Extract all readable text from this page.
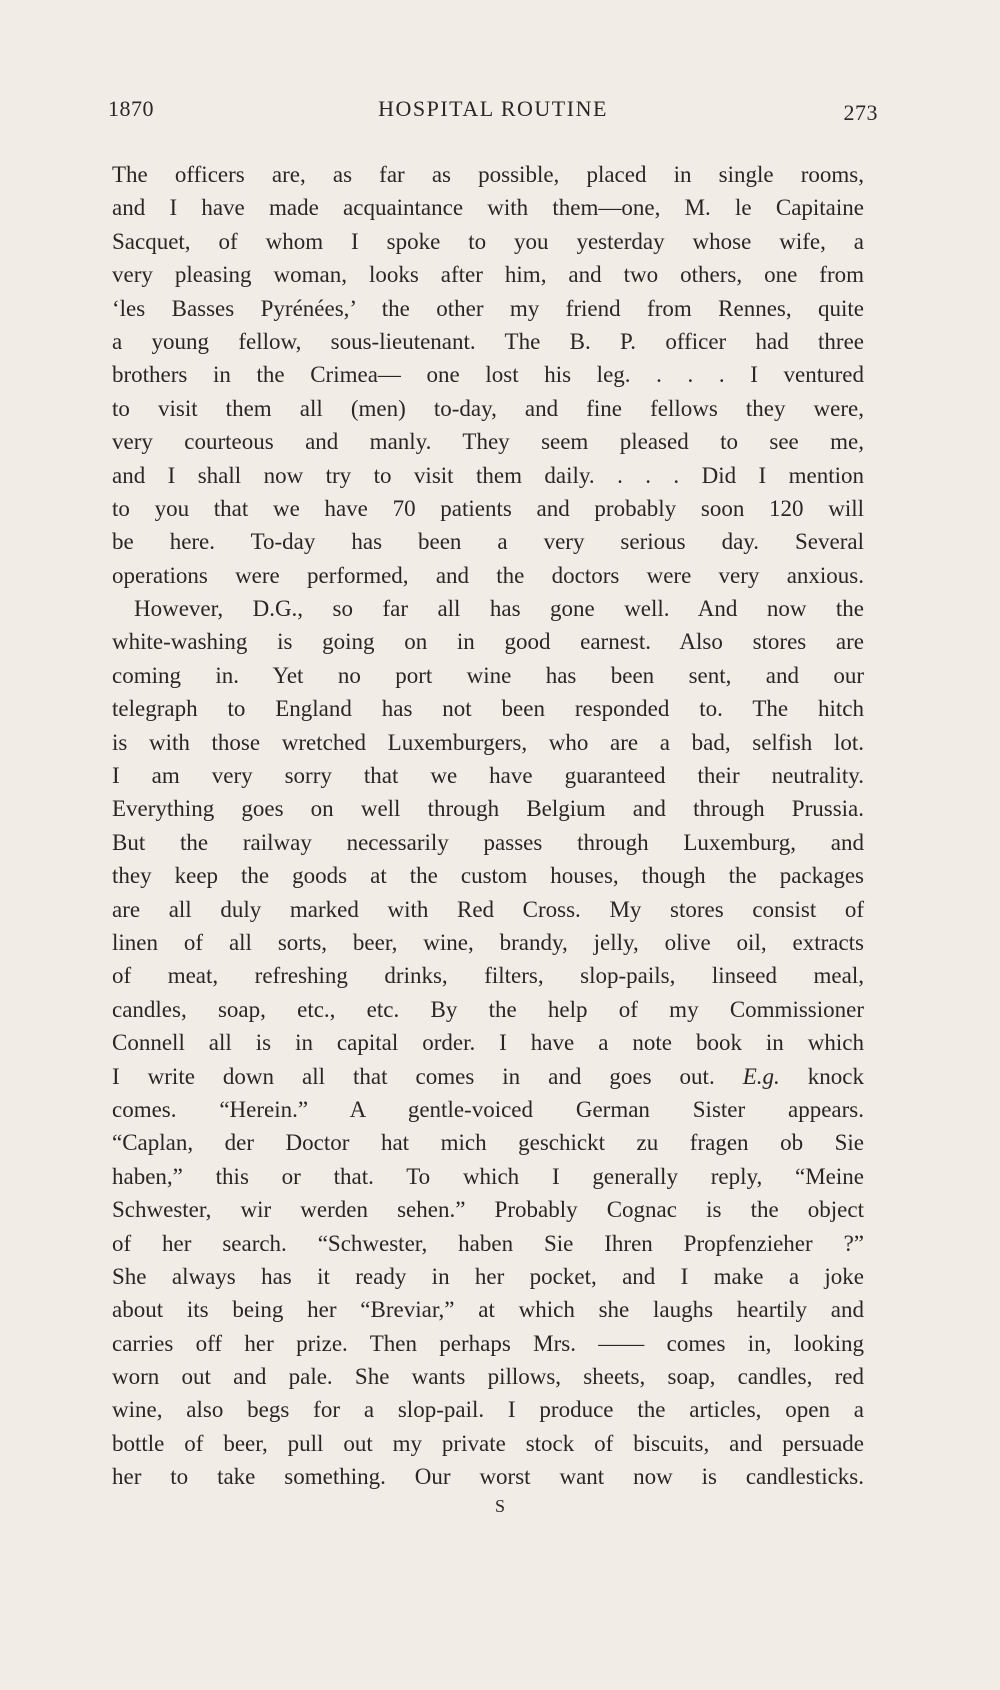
1870	HOSPITAL ROUTINE	273
The officers are, as far as possible, placed in single rooms,
and I have made acquaintance with them—one, M. le Capitaine
Sacquet, of whom I spoke to you yesterday whose wife, a
very pleasing woman, looks after him, and two others, one from
‘les Basses Pyrénées,’ the other my friend from Rennes, quite
a young fellow, sous-lieutenant. The B. P. officer had three
brothers in the Crimea— one lost his leg. . . . I ventured
to visit them all (men) to-day, and fine fellows they were,
very courteous and manly. They seem pleased to see me,
and I shall now try to visit them daily. . . . Did I mention
to you that we have 70 patients and probably soon 120 will
be here. To-day has been a very serious day. Several
operations were performed, and the doctors were very anxious.
However, D.G., so far all has gone well. And now the
white-washing is going on in good earnest. Also stores are
coming in. Yet no port wine has been sent, and our
telegraph to England has not been responded to. The hitch
is with those wretched Luxemburgers, who are a bad, selfish lot.
I am very sorry that we have guaranteed their neutrality.
Everything goes on well through Belgium and through Prussia.
But the railway necessarily passes through Luxemburg, and
they keep the goods at the custom houses, though the packages
are all duly marked with Red Cross. My stores consist of
linen of all sorts, beer, wine, brandy, jelly, olive oil, extracts
of meat, refreshing drinks, filters, slop-pails, linseed meal,
candles, soap, etc., etc. By the help of my Commissioner
Connell all is in capital order. I have a note book in which
I write down all that comes in and goes out. E.g. knock
comes. “Herein.” A gentle-voiced German Sister appears.
“Caplan, der Doctor hat mich geschickt zu fragen ob Sie
haben,” this or that. To which I generally reply, “Meine
Schwester, wir werden sehen.” Probably Cognac is the object
of her search. “Schwester, haben Sie Ihren Propfenzieher ?”
She always has it ready in her pocket, and I make a joke
about its being her “Breviar,” at which she laughs heartily and
carries off her prize. Then perhaps Mrs. —— comes in, looking
worn out and pale. She wants pillows, sheets, soap, candles, red
wine, also begs for a slop-pail. I produce the articles, open a
bottle of beer, pull out my private stock of biscuits, and persuade
her to take something. Our worst want now is candlesticks.
S
